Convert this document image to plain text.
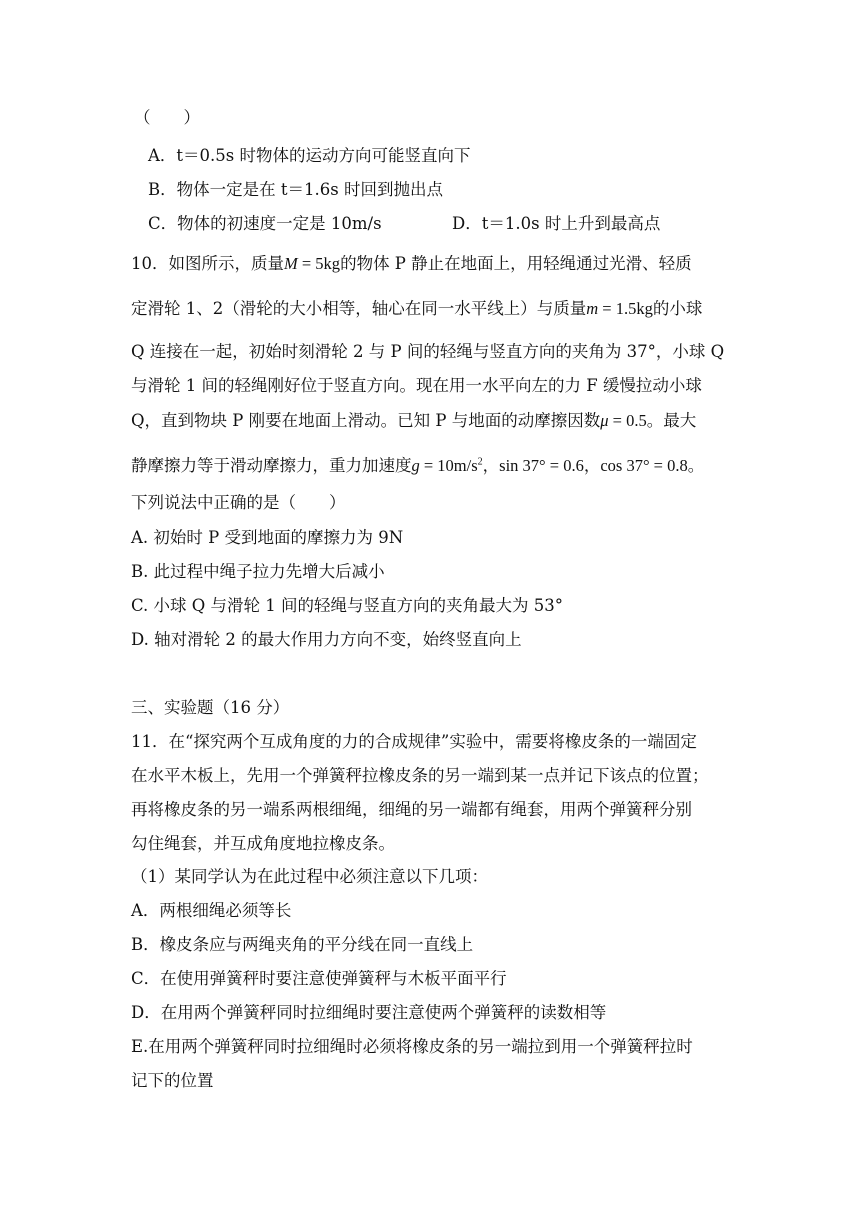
（　　）
A．t＝0.5s 时物体的运动方向可能竖直向下
B．物体一定是在 t＝1.6s 时回到抛出点
C．物体的初速度一定是 10m/s	D．t＝1.0s 时上升到最高点
10．如图所示，质量M = 5kg的物体 P 静止在地面上，用轻绳通过光滑、轻质
定滑轮 1、2（滑轮的大小相等，轴心在同一水平线上）与质量m = 1.5kg的小球
Q 连接在一起，初始时刻滑轮 2 与 P 间的轻绳与竖直方向的夹角为 37°，小球 Q
与滑轮 1 间的轻绳刚好位于竖直方向。现在用一水平向左的力 F 缓慢拉动小球
Q，直到物块 P 刚要在地面上滑动。已知 P 与地面的动摩擦因数μ = 0.5。最大
静摩擦力等于滑动摩擦力，重力加速度$g = 10m/s^2$，sin 37° = 0.6，cos 37° = 0.8。
下列说法中正确的是（　　）
A. 初始时 P 受到地面的摩擦力为 9N
B. 此过程中绳子拉力先增大后减小
C. 小球 Q 与滑轮 1 间的轻绳与竖直方向的夹角最大为 53°
D. 轴对滑轮 2 的最大作用力方向不变，始终竖直向上
三、实验题（16 分）
11．在“探究两个互成角度的力的合成规律”实验中，需要将橡皮条的一端固定
在水平木板上，先用一个弹簧秤拉橡皮条的另一端到某一点并记下该点的位置；
再将橡皮条的另一端系两根细绳，细绳的另一端都有绳套，用两个弹簧秤分别
勾住绳套，并互成角度地拉橡皮条。
（1）某同学认为在此过程中必须注意以下几项：
A．两根细绳必须等长
B．橡皮条应与两绳夹角的平分线在同一直线上
C．在使用弹簧秤时要注意使弹簧秤与木板平面平行
D．在用两个弹簧秤同时拉细绳时要注意使两个弹簧秤的读数相等
E.在用两个弹簧秤同时拉细绳时必须将橡皮条的另一端拉到用一个弹簧秤拉时
记下的位置
